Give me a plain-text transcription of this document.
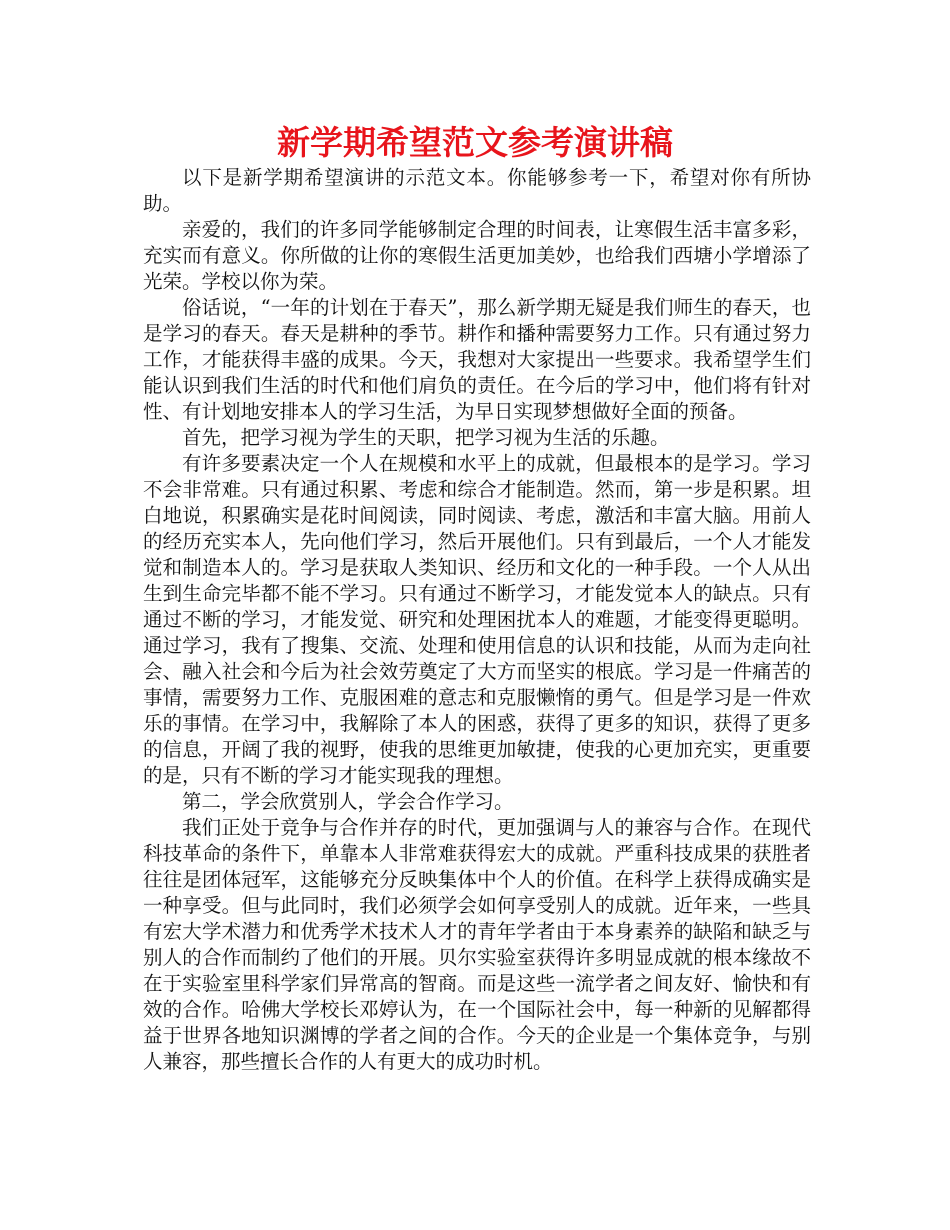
新学期希望范文参考演讲稿

以下是新学期希望演讲的示范文本。你能够参考一下，希望对你有所协助。

亲爱的，我们的许多同学能够制定合理的时间表，让寒假生活丰富多彩，充实而有意义。你所做的让你的寒假生活更加美妙，也给我们西塘小学增添了光荣。学校以你为荣。

俗话说，“一年的计划在于春天”，那么新学期无疑是我们师生的春天，也是学习的春天。春天是耕种的季节。耕作和播种需要努力工作。只有通过努力工作，才能获得丰盛的成果。今天，我想对大家提出一些要求。我希望学生们能认识到我们生活的时代和他们肩负的责任。在今后的学习中，他们将有针对性、有计划地安排本人的学习生活，为早日实现梦想做好全面的预备。

首先，把学习视为学生的天职，把学习视为生活的乐趣。

有许多要素决定一个人在规模和水平上的成就，但最根本的是学习。学习不会非常难。只有通过积累、考虑和综合才能制造。然而，第一步是积累。坦白地说，积累确实是花时间阅读，同时阅读、考虑，激活和丰富大脑。用前人的经历充实本人，先向他们学习，然后开展他们。只有到最后，一个人才能发觉和制造本人的。学习是获取人类知识、经历和文化的一种手段。一个人从出生到生命完毕都不能不学习。只有通过不断学习，才能发觉本人的缺点。只有通过不断的学习，才能发觉、研究和处理困扰本人的难题，才能变得更聪明。通过学习，我有了搜集、交流、处理和使用信息的认识和技能，从而为走向社会、融入社会和今后为社会效劳奠定了大方而坚实的根底。学习是一件痛苦的事情，需要努力工作、克服困难的意志和克服懒惰的勇气。但是学习是一件欢乐的事情。在学习中，我解除了本人的困惑，获得了更多的知识，获得了更多的信息，开阔了我的视野，使我的思维更加敏捷，使我的心更加充实，更重要的是，只有不断的学习才能实现我的理想。

第二，学会欣赏别人，学会合作学习。

我们正处于竞争与合作并存的时代，更加强调与人的兼容与合作。在现代科技革命的条件下，单靠本人非常难获得宏大的成就。严重科技成果的获胜者往往是团体冠军，这能够充分反映集体中个人的价值。在科学上获得成确实是一种享受。但与此同时，我们必须学会如何享受别人的成就。近年来，一些具有宏大学术潜力和优秀学术技术人才的青年学者由于本身素养的缺陷和缺乏与别人的合作而制约了他们的开展。贝尔实验室获得许多明显成就的根本缘故不在于实验室里科学家们异常高的智商。而是这些一流学者之间友好、愉快和有效的合作。哈佛大学校长邓婷认为，在一个国际社会中，每一种新的见解都得益于世界各地知识渊博的学者之间的合作。今天的企业是一个集体竞争，与别人兼容，那些擅长合作的人有更大的成功时机。
